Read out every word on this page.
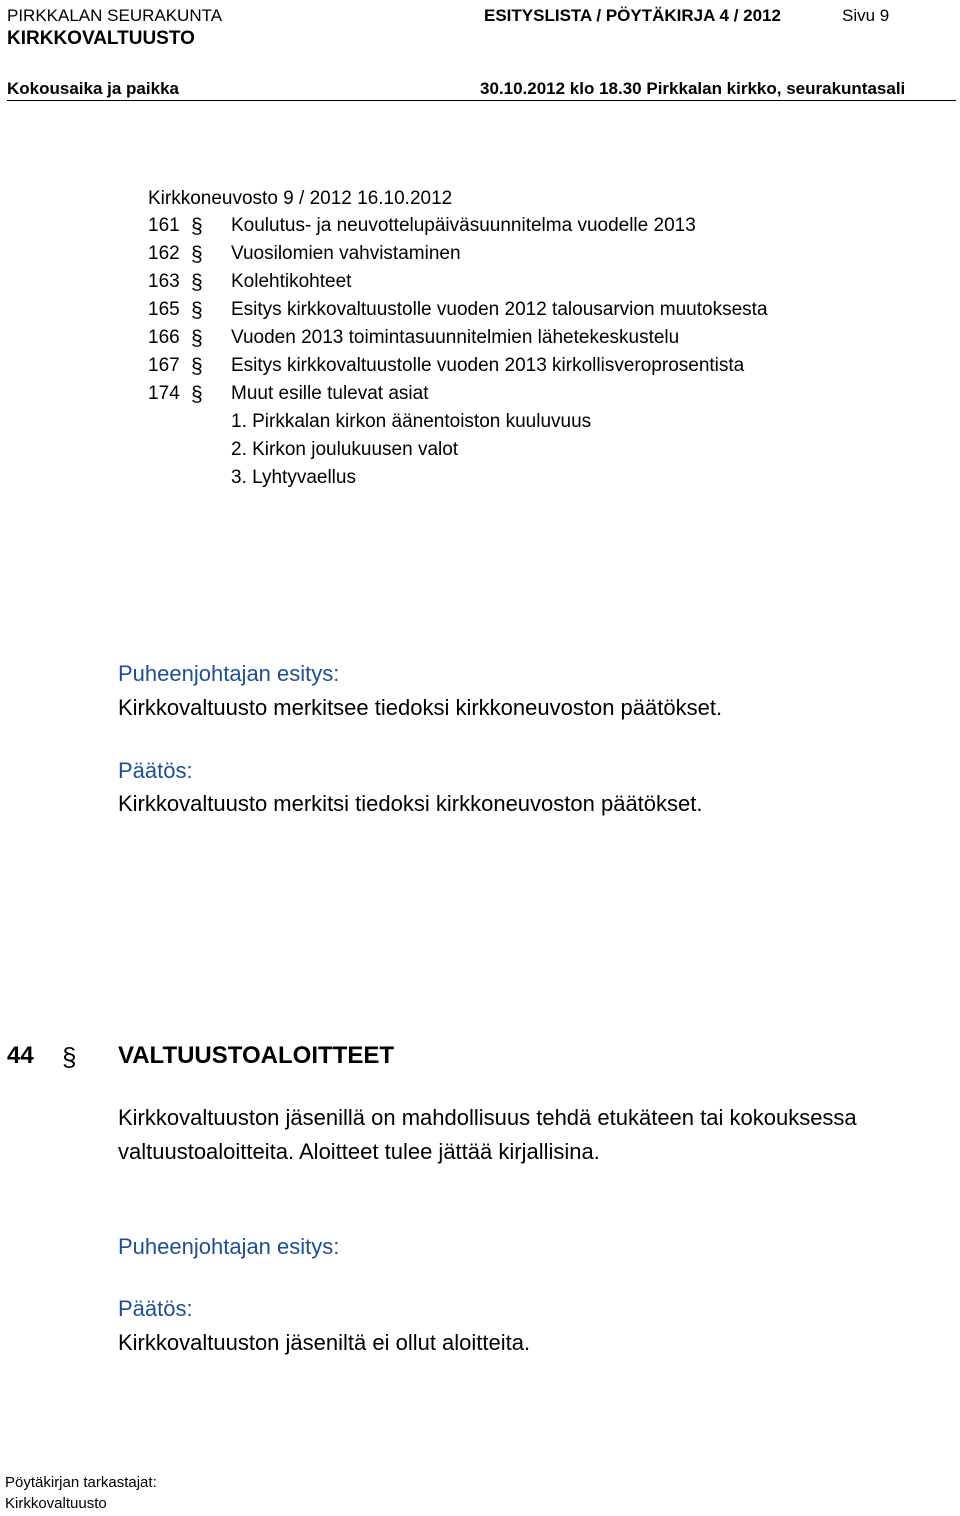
PIRKKALAN SEURAKUNTA	ESITYSLISTA / PÖYTÄKIRJA 4 / 2012	Sivu 9
KIRKKOVALTUUSTO
Kokousaika ja paikka	30.10.2012 klo 18.30 Pirkkalan kirkko, seurakuntasali
Kirkkoneuvosto 9 / 2012 16.10.2012
161 § Koulutus- ja neuvottelupäiväsuunnitelma vuodelle 2013
162 § Vuosilomien vahvistaminen
163 § Kolehtikohteet
165 § Esitys kirkkovaltuustolle vuoden 2012 talousarvion muutoksesta
166 § Vuoden 2013 toimintasuunnitelmien lähetekeskustelu
167 § Esitys kirkkovaltuustolle vuoden 2013 kirkollisveroprosentista
174 § Muut esille tulevat asiat
1. Pirkkalan kirkon äänentoiston kuuluvuus
2. Kirkon joulukuusen valot
3. Lyhtyvaellus
Puheenjohtajan esitys:
Kirkkovaltuusto merkitsee tiedoksi kirkkoneuvoston päätökset.
Päätös:
Kirkkovaltuusto merkitsi tiedoksi kirkkoneuvoston päätökset.
44 § VALTUUSTOALOITTEET
Kirkkovaltuuston jäsenillä on mahdollisuus tehdä etukäteen tai kokouksessa
valtuustoaloitteita. Aloitteet tulee jättää kirjallisina.
Puheenjohtajan esitys:
Päätös:
Kirkkovaltuuston jäseniltä ei ollut aloitteita.
Pöytäkirjan tarkastajat:
Kirkkovaltuusto
